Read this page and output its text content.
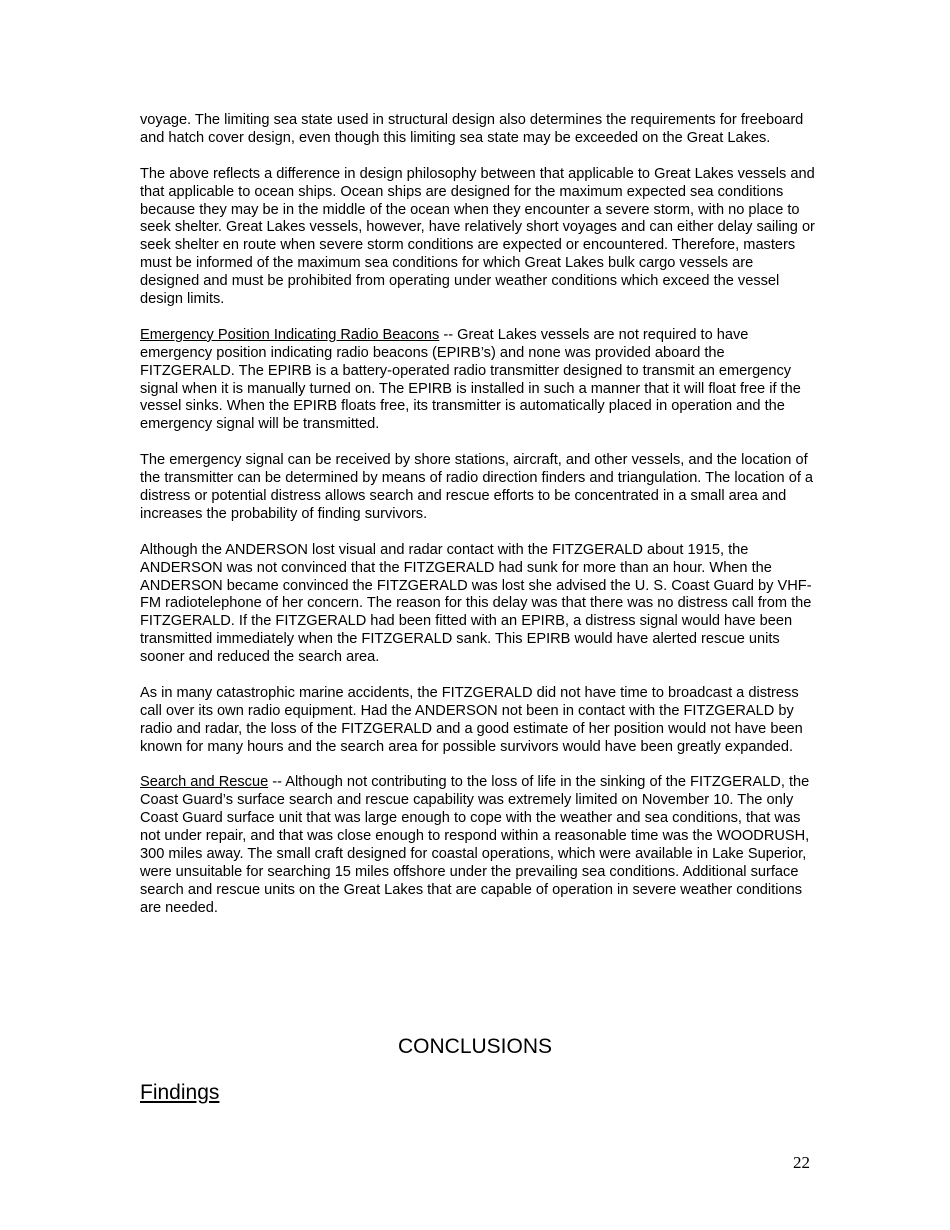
voyage. The limiting sea state used in structural design also determines the requirements for freeboard and hatch cover design, even though this limiting sea state may be exceeded on the Great Lakes.

The above reflects a difference in design philosophy between that applicable to Great Lakes vessels and that applicable to ocean ships. Ocean ships are designed for the maximum expected sea conditions because they may be in the middle of the ocean when they encounter a severe storm, with no place to seek shelter. Great Lakes vessels, however, have relatively short voyages and can either delay sailing or seek shelter en route when severe storm conditions are expected or encountered. Therefore, masters must be informed of the maximum sea conditions for which Great Lakes bulk cargo vessels are designed and must be prohibited from operating under weather conditions which exceed the vessel design limits.

Emergency Position Indicating Radio Beacons -- Great Lakes vessels are not required to have emergency position indicating radio beacons (EPIRB’s) and none was provided aboard the FITZGERALD. The EPIRB is a battery-operated radio transmitter designed to transmit an emergency signal when it is manually turned on. The EPIRB is installed in such a manner that it will float free if the vessel sinks. When the EPIRB floats free, its transmitter is automatically placed in operation and the emergency signal will be transmitted.

The emergency signal can be received by shore stations, aircraft, and other vessels, and the location of the transmitter can be determined by means of radio direction finders and triangulation. The location of a distress or potential distress allows search and rescue efforts to be concentrated in a small area and increases the probability of finding survivors.

Although the ANDERSON lost visual and radar contact with the FITZGERALD about 1915, the ANDERSON was not convinced that the FITZGERALD had sunk for more than an hour. When the ANDERSON became convinced the FITZGERALD was lost she advised the U. S. Coast Guard by VHF-FM radiotelephone of her concern. The reason for this delay was that there was no distress call from the FITZGERALD. If the FITZGERALD had been fitted with an EPIRB, a distress signal would have been transmitted immediately when the FITZGERALD sank. This EPIRB would have alerted rescue units sooner and reduced the search area.

As in many catastrophic marine accidents, the FITZGERALD did not have time to broadcast a distress call over its own radio equipment. Had the ANDERSON not been in contact with the FITZGERALD by radio and radar, the loss of the FITZGERALD and a good estimate of her position would not have been known for many hours and the search area for possible survivors would have been greatly expanded.

Search and Rescue -- Although not contributing to the loss of life in the sinking of the FITZGERALD, the Coast Guard’s surface search and rescue capability was extremely limited on November 10. The only Coast Guard surface unit that was large enough to cope with the weather and sea conditions, that was not under repair, and that was close enough to respond within a reasonable time was the WOODRUSH, 300 miles away. The small craft designed for coastal operations, which were available in Lake Superior, were unsuitable for searching 15 miles offshore under the prevailing sea conditions. Additional surface search and rescue units on the Great Lakes that are capable of operation in severe weather conditions are needed.

CONCLUSIONS
Findings
22
